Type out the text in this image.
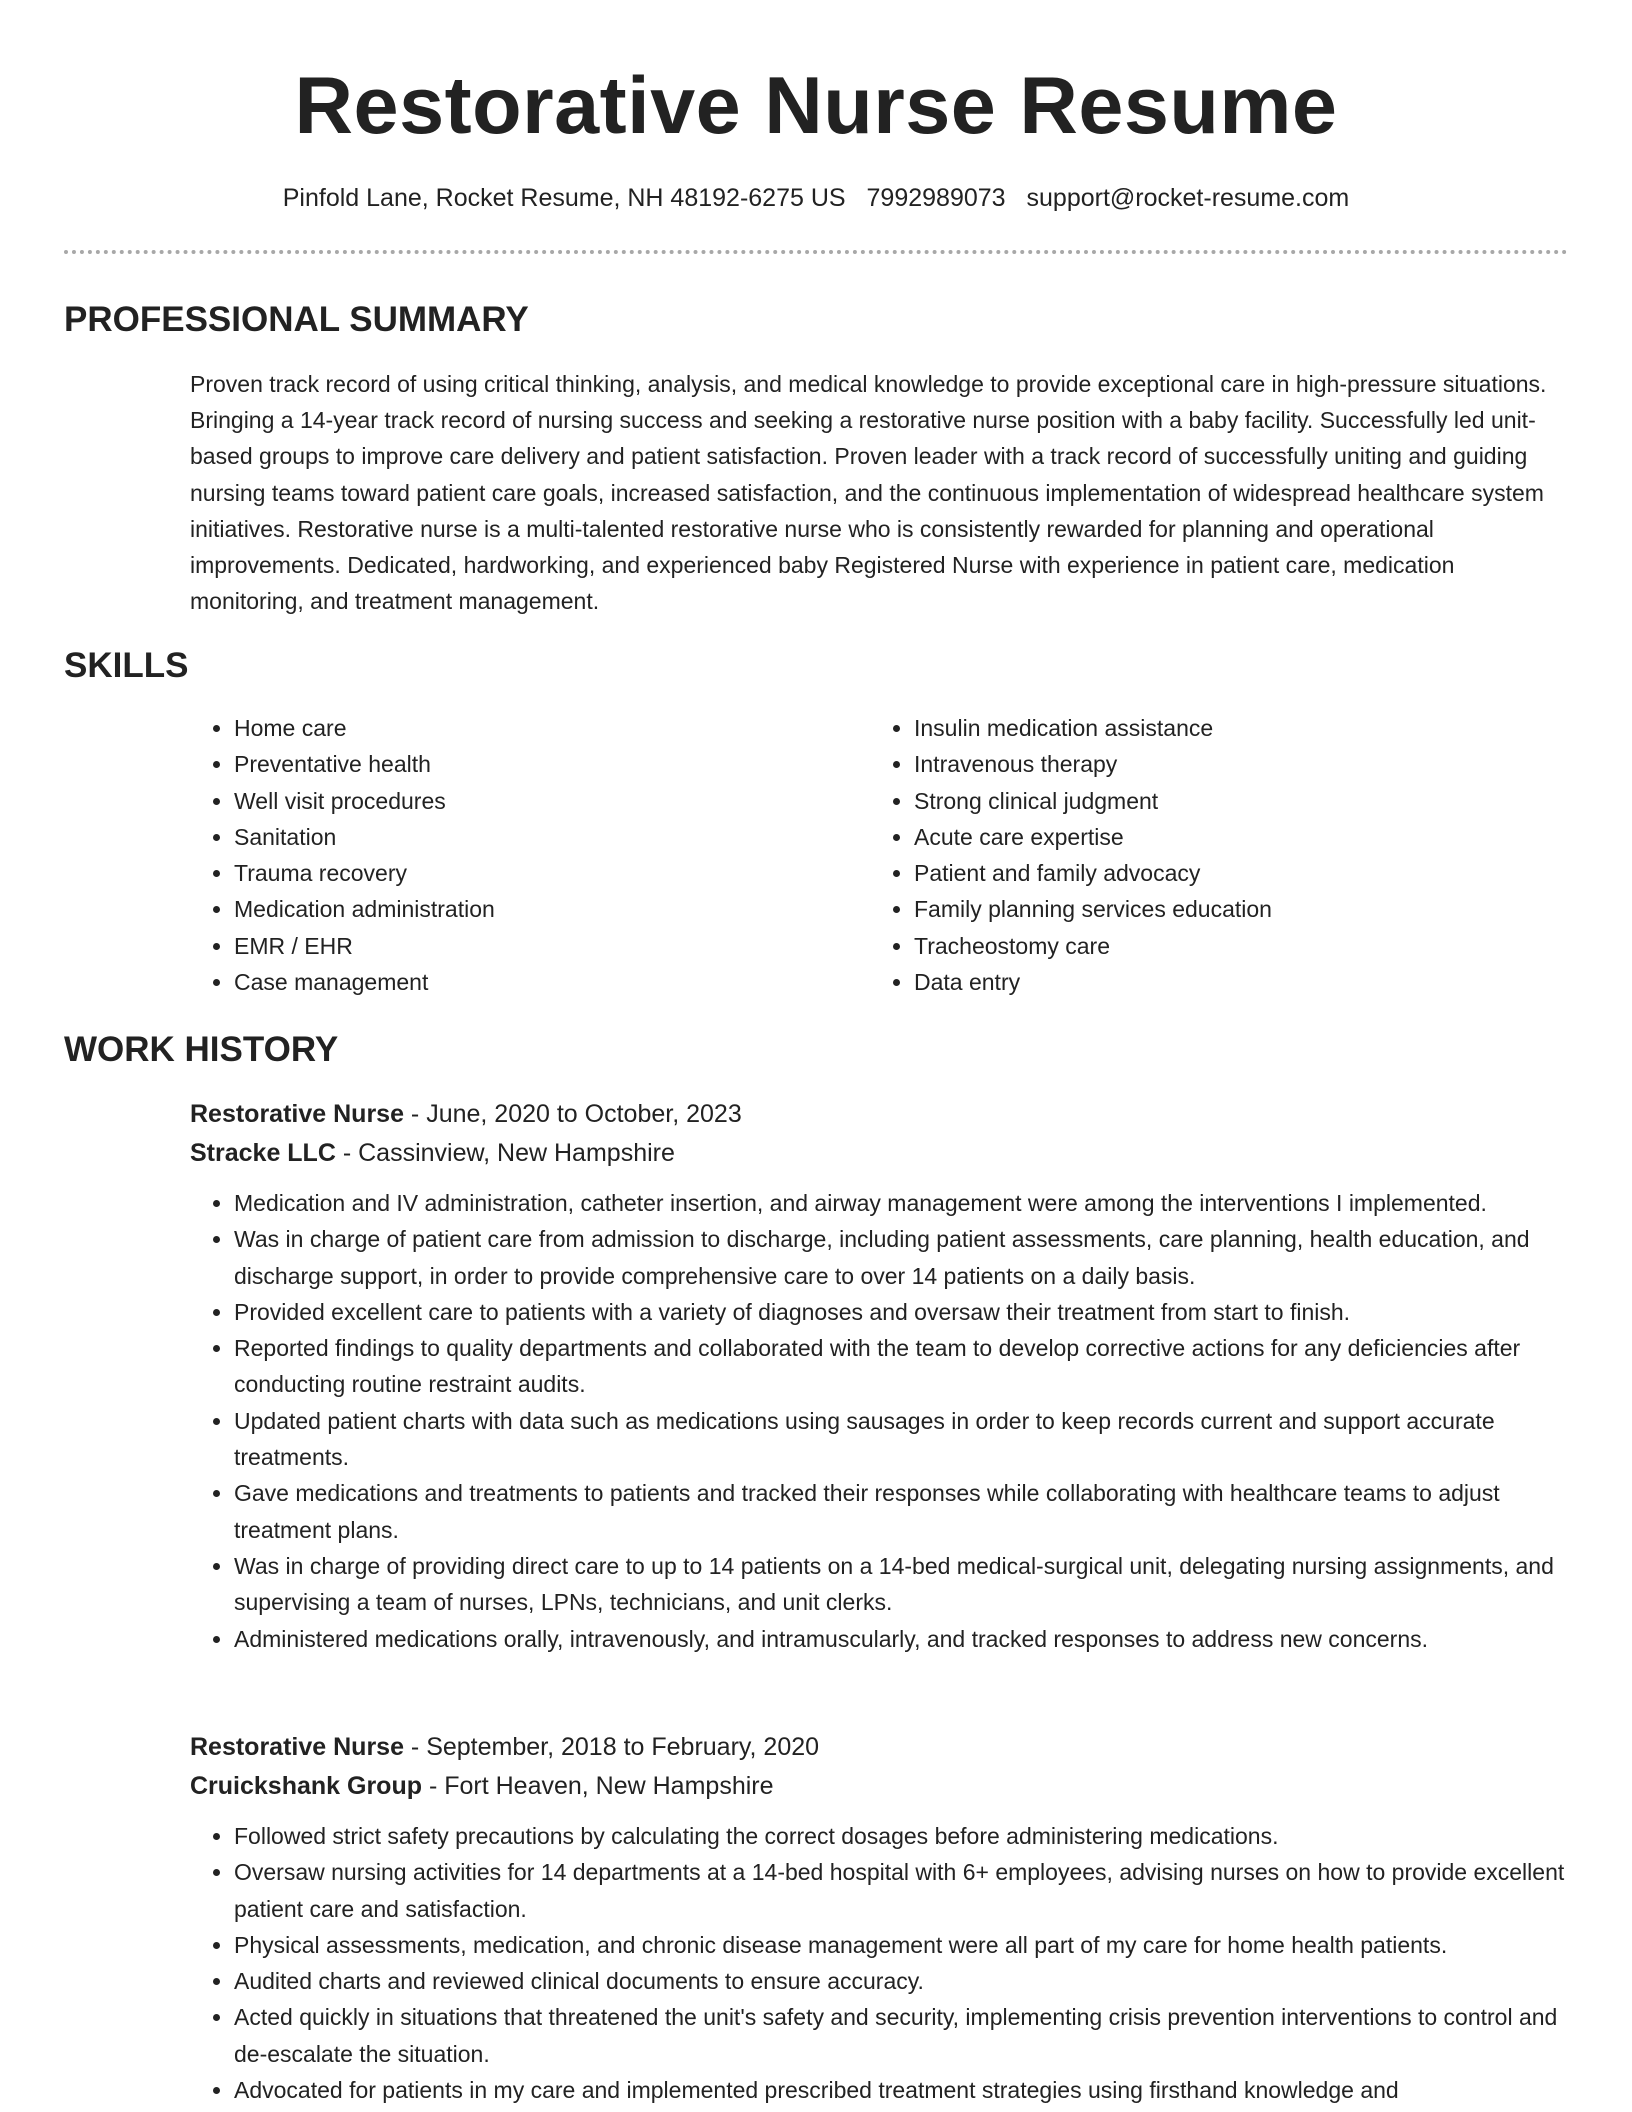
Restorative Nurse Resume
Pinfold Lane, Rocket Resume, NH 48192-6275 US 7992989073 support@rocket-resume.com
PROFESSIONAL SUMMARY

Proven track record of using critical thinking, analysis, and medical knowledge to provide exceptional care in high-pressure situations. Bringing a 14-year track record of nursing success and seeking a restorative nurse position with a baby facility. Successfully led unit-based groups to improve care delivery and patient satisfaction. Proven leader with a track record of successfully uniting and guiding nursing teams toward patient care goals, increased satisfaction, and the continuous implementation of widespread healthcare system initiatives. Restorative nurse is a multi-talented restorative nurse who is consistently rewarded for planning and operational improvements. Dedicated, hardworking, and experienced baby Registered Nurse with experience in patient care, medication monitoring, and treatment management.

SKILLS
• Home care
• Preventative health
• Well visit procedures
• Sanitation
• Trauma recovery
• Medication administration
• EMR / EHR
• Case management
• Insulin medication assistance
• Intravenous therapy
• Strong clinical judgment
• Acute care expertise
• Patient and family advocacy
• Family planning services education
• Tracheostomy care
• Data entry
WORK HISTORY
Restorative Nurse - June, 2020 to October, 2023
Stracke LLC - Cassinview, New Hampshire
• Medication and IV administration, catheter insertion, and airway management were among the interventions I implemented.
• Was in charge of patient care from admission to discharge, including patient assessments, care planning, health education, and discharge support, in order to provide comprehensive care to over 14 patients on a daily basis.
• Provided excellent care to patients with a variety of diagnoses and oversaw their treatment from start to finish.
• Reported findings to quality departments and collaborated with the team to develop corrective actions for any deficiencies after conducting routine restraint audits.
• Updated patient charts with data such as medications using sausages in order to keep records current and support accurate treatments.
• Gave medications and treatments to patients and tracked their responses while collaborating with healthcare teams to adjust treatment plans.
• Was in charge of providing direct care to up to 14 patients on a 14-bed medical-surgical unit, delegating nursing assignments, and supervising a team of nurses, LPNs, technicians, and unit clerks.
• Administered medications orally, intravenously, and intramuscularly, and tracked responses to address new concerns.
Restorative Nurse - September, 2018 to February, 2020
Cruickshank Group - Fort Heaven, New Hampshire
• Followed strict safety precautions by calculating the correct dosages before administering medications.
• Oversaw nursing activities for 14 departments at a 14-bed hospital with 6+ employees, advising nurses on how to provide excellent patient care and satisfaction.
• Physical assessments, medication, and chronic disease management were all part of my care for home health patients.
• Audited charts and reviewed clinical documents to ensure accuracy.
• Acted quickly in situations that threatened the unit's safety and security, implementing crisis prevention interventions to control and de-escalate the situation.
• Advocated for patients in my care and implemented prescribed treatment strategies using firsthand knowledge and
